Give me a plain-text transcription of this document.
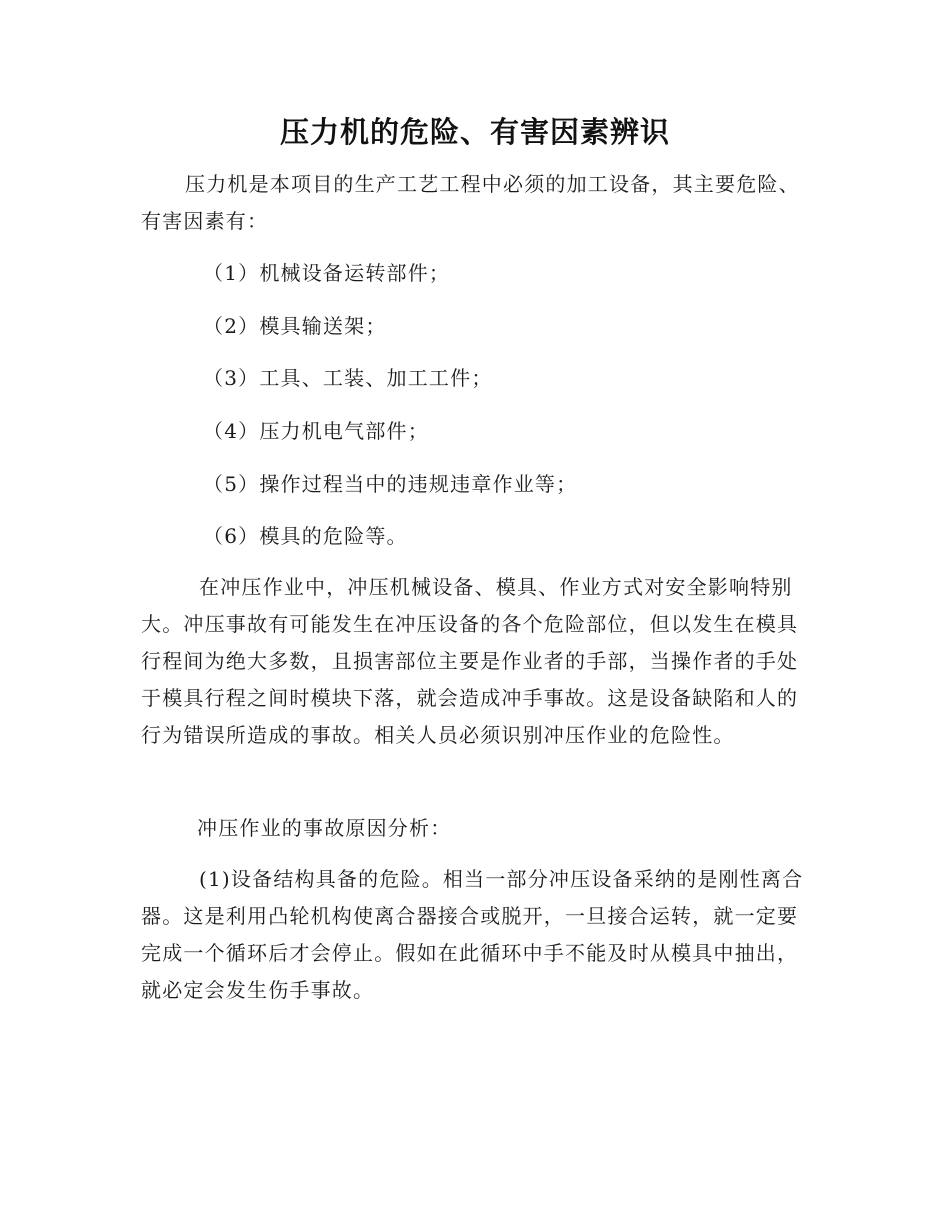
压力机的危险、有害因素辨识

压力机是本项目的生产工艺工程中必须的加工设备，其主要危险、有害因素有：

（1）机械设备运转部件；
（2）模具输送架；
（3）工具、工装、加工工件；
（4）压力机电气部件；
（5）操作过程当中的违规违章作业等；
（6）模具的危险等。

在冲压作业中，冲压机械设备、模具、作业方式对安全影响特别大。冲压事故有可能发生在冲压设备的各个危险部位，但以发生在模具行程间为绝大多数，且损害部位主要是作业者的手部，当操作者的手处于模具行程之间时模块下落，就会造成冲手事故。这是设备缺陷和人的行为错误所造成的事故。相关人员必须识别冲压作业的危险性。

冲压作业的事故原因分析：

(1)设备结构具备的危险。相当一部分冲压设备采纳的是刚性离合器。这是利用凸轮机构使离合器接合或脱开，一旦接合运转，就一定要完成一个循环后才会停止。假如在此循环中手不能及时从模具中抽出，就必定会发生伤手事故。
